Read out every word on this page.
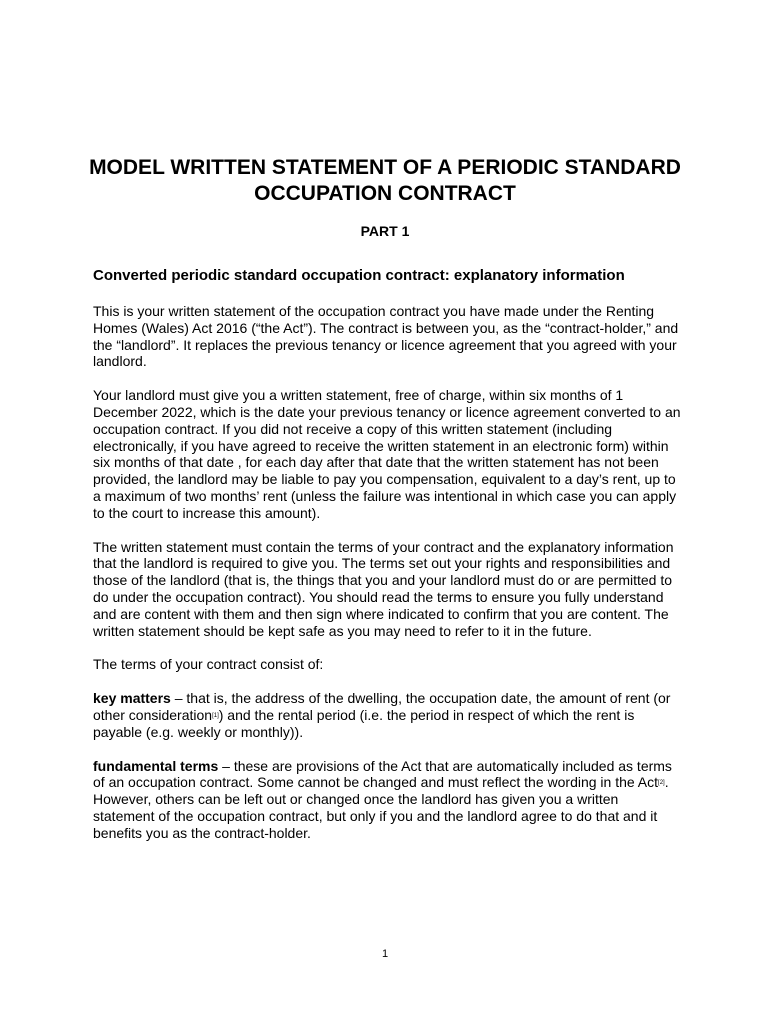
MODEL WRITTEN STATEMENT OF A PERIODIC STANDARD OCCUPATION CONTRACT

PART 1

Converted periodic standard occupation contract: explanatory information

This is your written statement of the occupation contract you have made under the Renting Homes (Wales) Act 2016 (“the Act”). The contract is between you, as the “contract-holder,” and the “landlord”. It replaces the previous tenancy or licence agreement that you agreed with your landlord.

Your landlord must give you a written statement, free of charge, within six months of 1 December 2022, which is the date your previous tenancy or licence agreement converted to an occupation contract. If you did not receive a copy of this written statement (including electronically, if you have agreed to receive the written statement in an electronic form) within six months of that date , for each day after that date that the written statement has not been provided, the landlord may be liable to pay you compensation, equivalent to a day’s rent, up to a maximum of two months’ rent (unless the failure was intentional in which case you can apply to the court to increase this amount).

The written statement must contain the terms of your contract and the explanatory information that the landlord is required to give you. The terms set out your rights and responsibilities and those of the landlord (that is, the things that you and your landlord must do or are permitted to do under the occupation contract). You should read the terms to ensure you fully understand and are content with them and then sign where indicated to confirm that you are content. The written statement should be kept safe as you may need to refer to it in the future.

The terms of your contract consist of:

key matters – that is, the address of the dwelling, the occupation date, the amount of rent (or other consideration[1]) and the rental period (i.e. the period in respect of which the rent is payable (e.g. weekly or monthly)).

fundamental terms – these are provisions of the Act that are automatically included as terms of an occupation contract. Some cannot be changed and must reflect the wording in the Act[2]. However, others can be left out or changed once the landlord has given you a written statement of the occupation contract, but only if you and the landlord agree to do that and it benefits you as the contract-holder.

1
